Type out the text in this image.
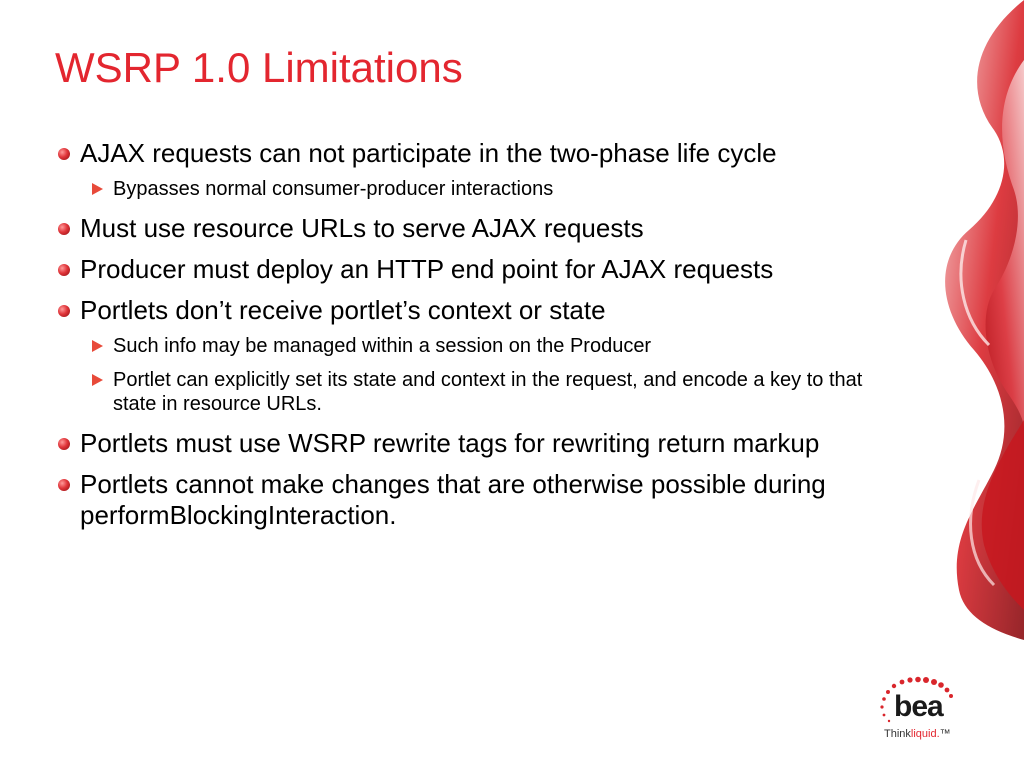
WSRP 1.0 Limitations
AJAX requests can not participate in the two-phase life cycle
Bypasses normal consumer-producer interactions
Must use resource URLs to serve AJAX requests
Producer must deploy an HTTP end point for AJAX requests
Portlets don’t receive portlet’s context or state
Such info may be managed within a session on the Producer
Portlet can explicitly set its state and context in the request, and encode a key to that state in resource URLs.
Portlets must use WSRP rewrite tags for rewriting return markup
Portlets cannot make changes that are otherwise possible during performBlockingInteraction.
bea
Thinkliquid.™
